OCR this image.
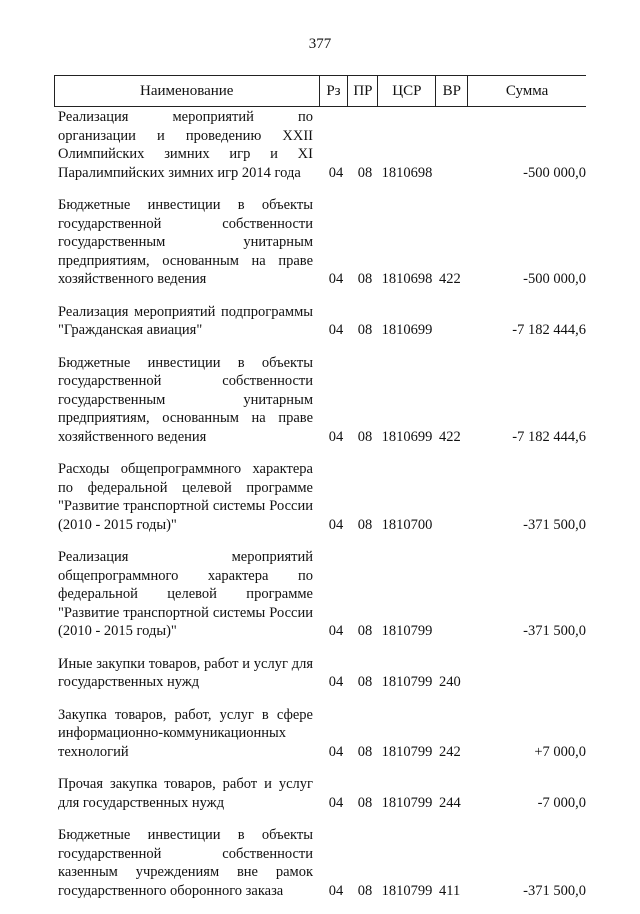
377
Наименование	Рз ПР	ЦСР	ВР	Сумма
Реализация мероприятий по организации и проведению XXII Олимпийских зимних игр и XI Паралимпийских зимних игр 2014 года	04	08 1810698	-500 000,0
Бюджетные инвестиции в объекты государственной собственности государственным унитарным предприятиям, основанным на праве хозяйственного ведения	04	08 1810698 422	-500 000,0
Реализация мероприятий подпрограммы "Гражданская авиация"	04	08 1810699	-7 182 444,6
Бюджетные инвестиции в объекты государственной собственности государственным унитарным предприятиям, основанным на праве хозяйственного ведения	04	08 1810699 422	-7 182 444,6
Расходы общепрограммного характера по федеральной целевой программе "Развитие транспортной системы России (2010 - 2015 годы)"	04	08 1810700	-371 500,0
Реализация мероприятий общепрограммного характера по федеральной целевой программе "Развитие транспортной системы России (2010 - 2015 годы)"	04	08 1810799	-371 500,0
Иные закупки товаров, работ и услуг для государственных нужд	04	08 1810799 240
Закупка товаров, работ, услуг в сфере информационно-коммуникационных технологий	04	08 1810799 242	+7 000,0
Прочая закупка товаров, работ и услуг для государственных нужд	04	08 1810799 244	-7 000,0
Бюджетные инвестиции в объекты государственной собственности казенным учреждениям вне рамок государственного оборонного заказа	04	08 1810799 411	-371 500,0
